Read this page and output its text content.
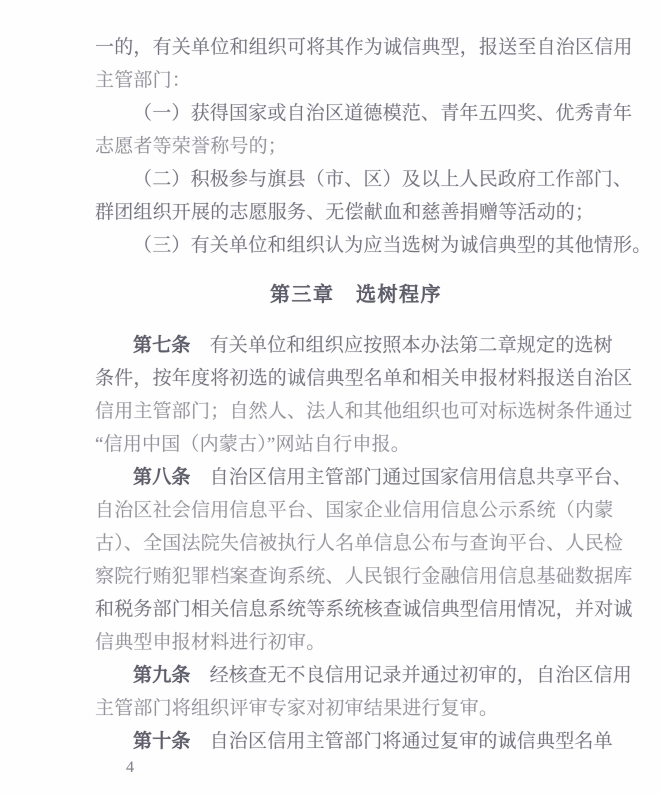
一的，有关单位和组织可将其作为诚信典型，报送至自治区信用
主管部门：
（一）获得国家或自治区道德模范、青年五四奖、优秀青年
志愿者等荣誉称号的；
（二）积极参与旗县（市、区）及以上人民政府工作部门、
群团组织开展的志愿服务、无偿献血和慈善捐赠等活动的；
（三）有关单位和组织认为应当选树为诚信典型的其他情形。
第三章　选树程序
第七条 有关单位和组织应按照本办法第二章规定的选树
条件，按年度将初选的诚信典型名单和相关申报材料报送自治区
信用主管部门；自然人、法人和其他组织也可对标选树条件通过
“信用中国（内蒙古）”网站自行申报。
第八条 自治区信用主管部门通过国家信用信息共享平台、
自治区社会信用信息平台、国家企业信用信息公示系统（内蒙
古）、全国法院失信被执行人名单信息公布与查询平台、人民检
察院行贿犯罪档案查询系统、人民银行金融信用信息基础数据库
和税务部门相关信息系统等系统核查诚信典型信用情况，并对诚
信典型申报材料进行初审。
第九条 经核查无不良信用记录并通过初审的，自治区信用
主管部门将组织评审专家对初审结果进行复审。
第十条 自治区信用主管部门将通过复审的诚信典型名单
4
